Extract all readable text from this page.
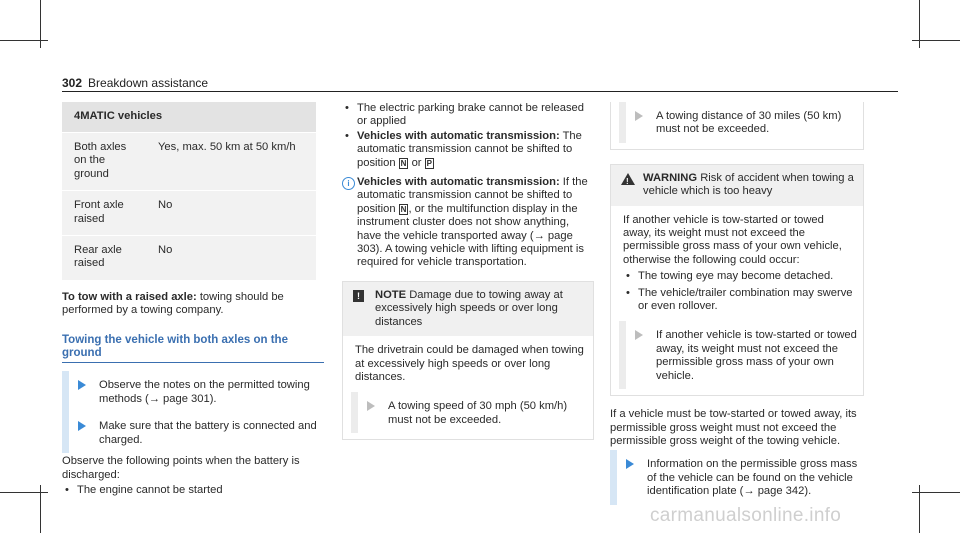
302 Breakdown assistance
4MATIC vehicles	
Both axles on the ground	Yes, max. 50 km at 50 km/h
Front axle raised	No
Rear axle raised	No

To tow with a raised axle: towing should be performed by a towing company.

Towing the vehicle with both axles on the ground

Observe the notes on the permitted towing methods (→ page 301).

Make sure that the battery is connected and charged.

Observe the following points when the battery is discharged:

• The engine cannot be started

• The electric parking brake cannot be released or applied

• Vehicles with automatic transmission: The automatic transmission cannot be shifted to position N or P

i Vehicles with automatic transmission: If the automatic transmission cannot be shifted to position N , or the multifunction display in the instrument cluster does not show anything, have the vehicle transported away (→ page 303). A towing vehicle with lifting equipment is required for vehicle transportation.

!	NOTE Damage due to towing away at excessively high speeds or over long distances

The drivetrain could be damaged when towing at excessively high speeds or over long distances.

A towing speed of 30 mph (50 km/h) must not be exceeded.

A towing distance of 30 miles (50 km) must not be exceeded.

! WARNING Risk of accident when towing a vehicle which is too heavy

If another vehicle is tow-started or towed away, its weight must not exceed the permissible gross mass of your own vehicle, otherwise the following could occur:

• The towing eye may become detached.

• The vehicle/trailer combination may swerve or even rollover.

If another vehicle is tow-started or towed away, its weight must not exceed the permissible gross mass of your own vehicle.

If a vehicle must be tow-started or towed away, its permissible gross weight must not exceed the permissible gross weight of the towing vehicle.

Information on the permissible gross mass of the vehicle can be found on the vehicle identification plate (→ page 342).

carmanualsonline.info
